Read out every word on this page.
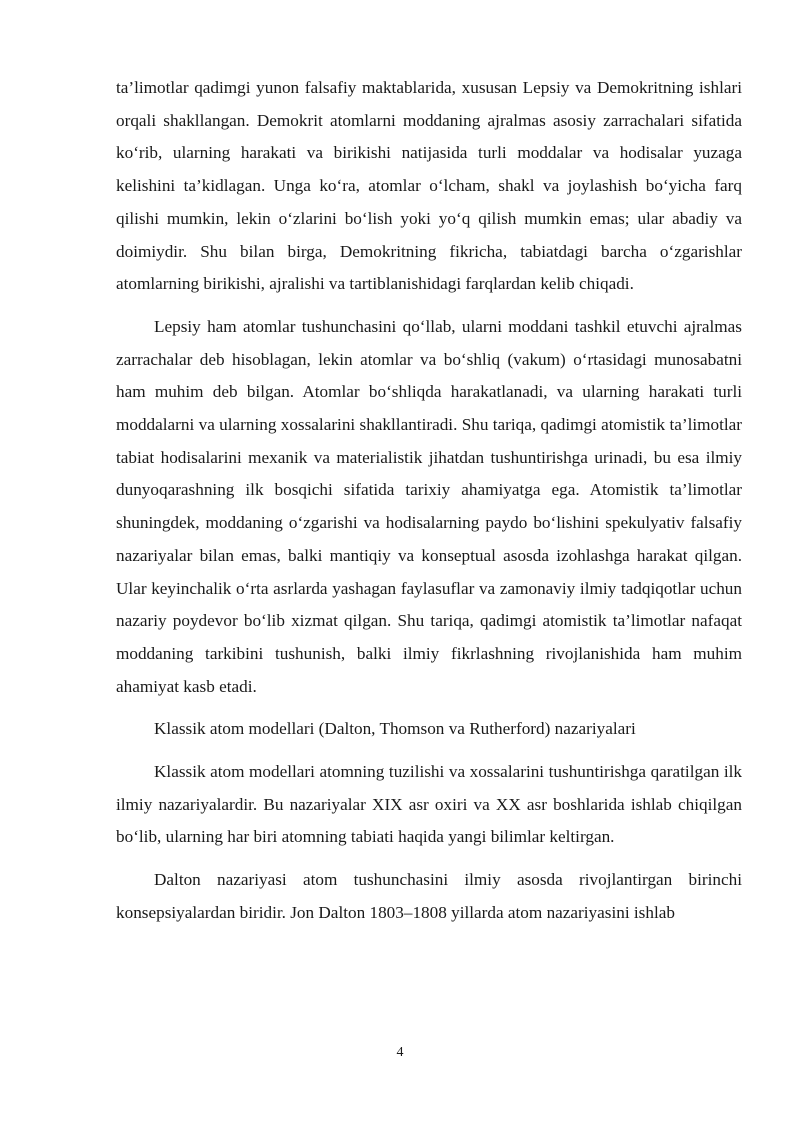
ta’limotlar qadimgi yunon falsafiy maktablarida, xususan Lepsiy va Demokritning ishlari orqali shakllangan. Demokrit atomlarni moddaning ajralmas asosiy zarrachalari sifatida koʻrib, ularning harakati va birikishi natijasida turli moddalar va hodisalar yuzaga kelishini ta’kidlagan. Unga koʻra, atomlar oʻlcham, shakl va joylashish boʻyicha farq qilishi mumkin, lekin oʻzlarini boʻlish yoki yoʻq qilish mumkin emas; ular abadiy va doimiydir. Shu bilan birga, Demokritning fikricha, tabiatdagi barcha oʻzgarishlar atomlarning birikishi, ajralishi va tartiblanishidagi farqlardan kelib chiqadi.

Lepsiy ham atomlar tushunchasini qoʻllab, ularni moddani tashkil etuvchi ajralmas zarrachalar deb hisoblagan, lekin atomlar va boʻshliq (vakum) oʻrtasidagi munosabatni ham muhim deb bilgan. Atomlar boʻshliqda harakatlanadi, va ularning harakati turli moddalarni va ularning xossalarini shakllantiradi. Shu tariqa, qadimgi atomistik ta’limotlar tabiat hodisalarini mexanik va materialistik jihatdan tushuntirishga urinadi, bu esa ilmiy dunyoqarashning ilk bosqichi sifatida tarixiy ahamiyatga ega. Atomistik ta’limotlar shuningdek, moddaning oʻzgarishi va hodisalarning paydo boʻlishini spekulyativ falsafiy nazariyalar bilan emas, balki mantiqiy va konseptual asosda izohlashga harakat qilgan. Ular keyinchalik oʻrta asrlarda yashagan faylasuflar va zamonaviy ilmiy tadqiqotlar uchun nazariy poydevor boʻlib xizmat qilgan. Shu tariqa, qadimgi atomistik ta’limotlar nafaqat moddaning tarkibini tushunish, balki ilmiy fikrlashning rivojlanishida ham muhim ahamiyat kasb etadi.

Klassik atom modellari (Dalton, Thomson va Rutherford) nazariyalari

Klassik atom modellari atomning tuzilishi va xossalarini tushuntirishga qaratilgan ilk ilmiy nazariyalardir. Bu nazariyalar XIX asr oxiri va XX asr boshlarida ishlab chiqilgan boʻlib, ularning har biri atomning tabiati haqida yangi bilimlar keltirgan.

Dalton nazariyasi atom tushunchasini ilmiy asosda rivojlantirgan birinchi konsepsiyalardan biridir. Jon Dalton 1803–1808 yillarda atom nazariyasini ishlab

4
